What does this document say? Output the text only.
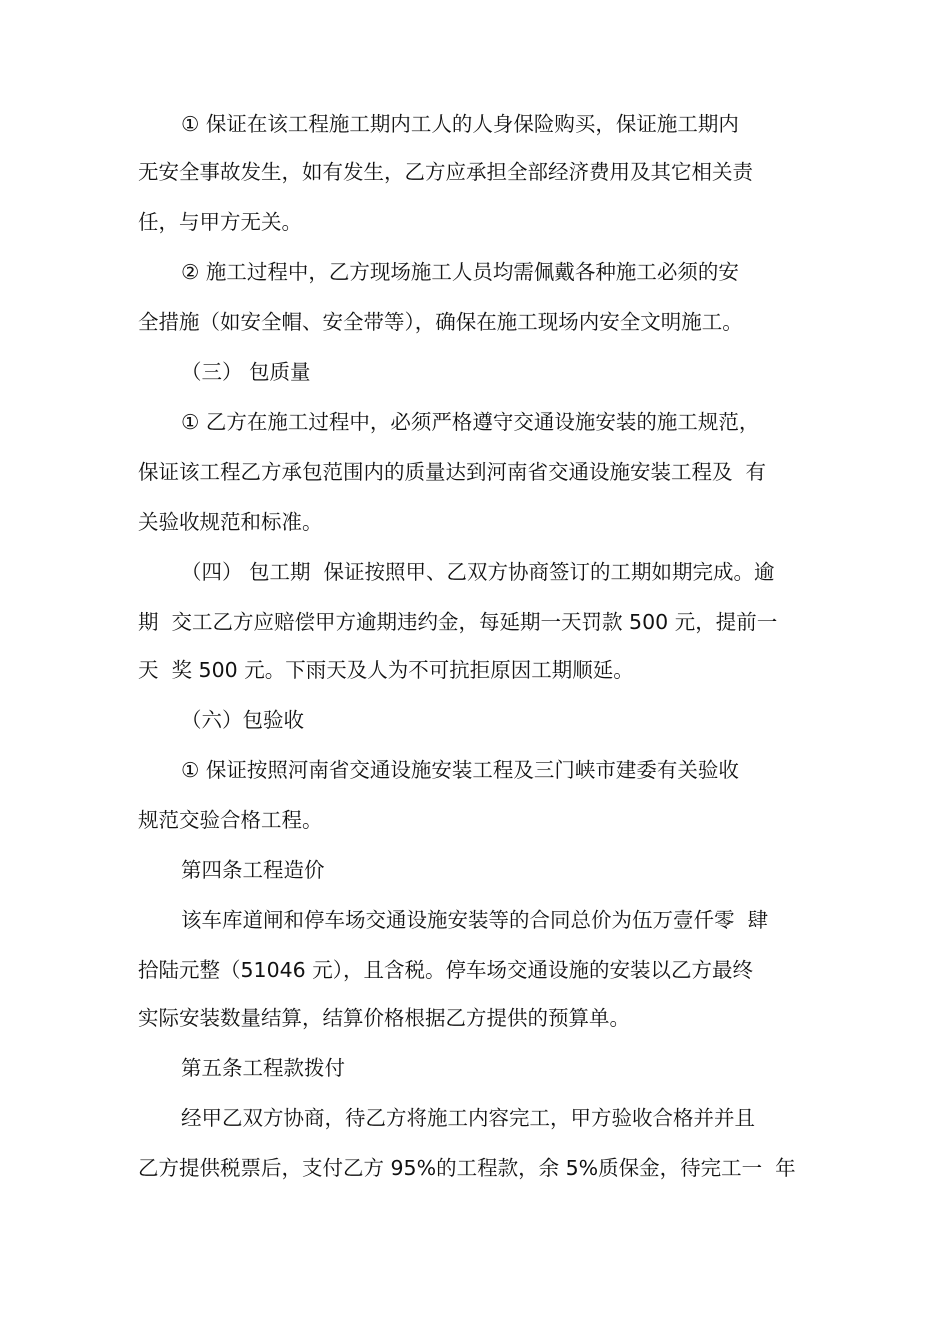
① 保证在该工程施工期内工人的人身保险购买，保证施工期内
无安全事故发生，如有发生，乙方应承担全部经济费用及其它相关责
任，与甲方无关。
② 施工过程中，乙方现场施工人员均需佩戴各种施工必须的安
全措施（如安全帽、安全带等），确保在施工现场内安全文明施工。
（三） 包质量
① 乙方在施工过程中，必须严格遵守交通设施安装的施工规范，
保证该工程乙方承包范围内的质量达到河南省交通设施安装工程及  有
关验收规范和标准。
（四） 包工期  保证按照甲、乙双方协商签订的工期如期完成。逾
期  交工乙方应赔偿甲方逾期违约金，每延期一天罚款 500 元，提前一
天  奖 500 元。下雨天及人为不可抗拒原因工期顺延。
（六）包验收
① 保证按照河南省交通设施安装工程及三门峡市建委有关验收
规范交验合格工程。
第四条工程造价
该车库道闸和停车场交通设施安装等的合同总价为伍万壹仟零  肆
拾陆元整（51046 元），且含税。停车场交通设施的安装以乙方最终
实际安装数量结算，结算价格根据乙方提供的预算单。
第五条工程款拨付
经甲乙双方协商，待乙方将施工内容完工，甲方验收合格并并且
乙方提供税票后，支付乙方 95%的工程款，余 5%质保金，待完工一  年
